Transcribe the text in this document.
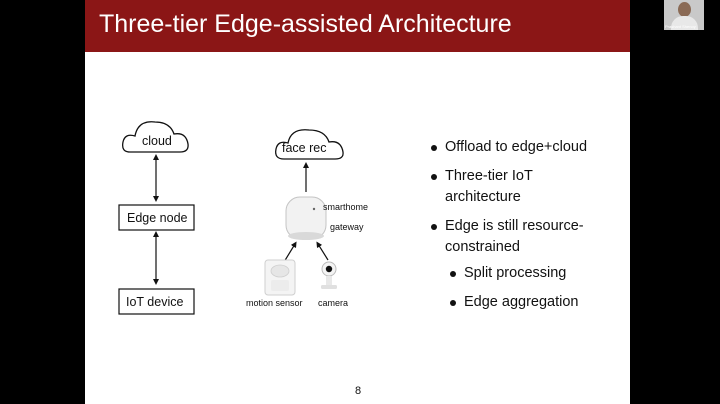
Three-tier Edge-assisted Architecture
cloud
Edge node
IoT device
face rec
smarthome
gateway
motion sensor camera
Offload to edge+cloud
Three-tier IoT architecture
Edge is still resource-constrained
Split processing
Edge aggregation
8
Prashant Shenoy
